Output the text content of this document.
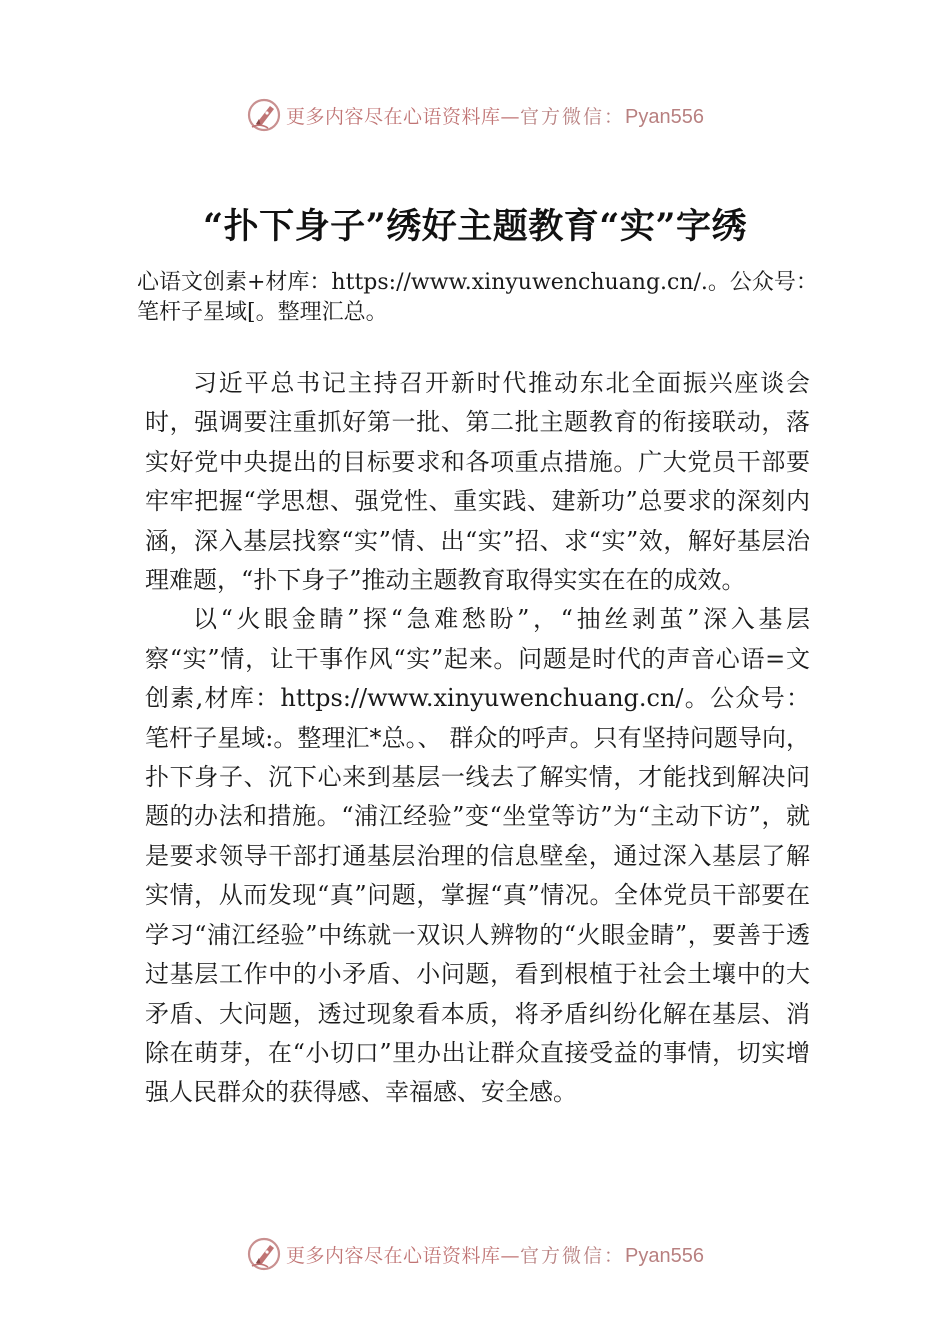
更多内容尽在心语资料库—官方微信：Pyan556
“扑下身子”绣好主题教育“实”字绣

心语文创素+材库：https://www.xinyuwenchuang.cn/.。公众号：笔杆子星域[。整理汇总。

习近平总书记主持召开新时代推动东北全面振兴座谈会时，强调要注重抓好第一批、第二批主题教育的衔接联动，落实好党中央提出的目标要求和各项重点措施。广大党员干部要牢牢把握“学思想、强党性、重实践、建新功”总要求的深刻内涵，深入基层找察“实”情、出“实”招、求“实”效，解好基层治理难题，“扑下身子”推动主题教育取得实实在在的成效。

以“火眼金睛”探“急难愁盼”，“抽丝剥茧”深入基层察“实”情，让干事作风“实”起来。问题是时代的声音心语=文创素,材库：https://www.xinyuwenchuang.cn/。公众号：笔杆子星域:。整理汇*总。、 群众的呼声。只有坚持问题导向，扑下身子、沉下心来到基层一线去了解实情，才能找到解决问题的办法和措施。“浦江经验”变“坐堂等访”为“主动下访”，就是要求领导干部打通基层治理的信息壁垒，通过深入基层了解实情，从而发现“真”问题，掌握“真”情况。全体党员干部要在学习“浦江经验”中练就一双识人辨物的“火眼金睛”，要善于透过基层工作中的小矛盾、小问题，看到根植于社会土壤中的大矛盾、大问题，透过现象看本质，将矛盾纠纷化解在基层、消除在萌芽，在“小切口”里办出让群众直接受益的事情，切实增强人民群众的获得感、幸福感、安全感。

更多内容尽在心语资料库—官方微信：Pyan556
